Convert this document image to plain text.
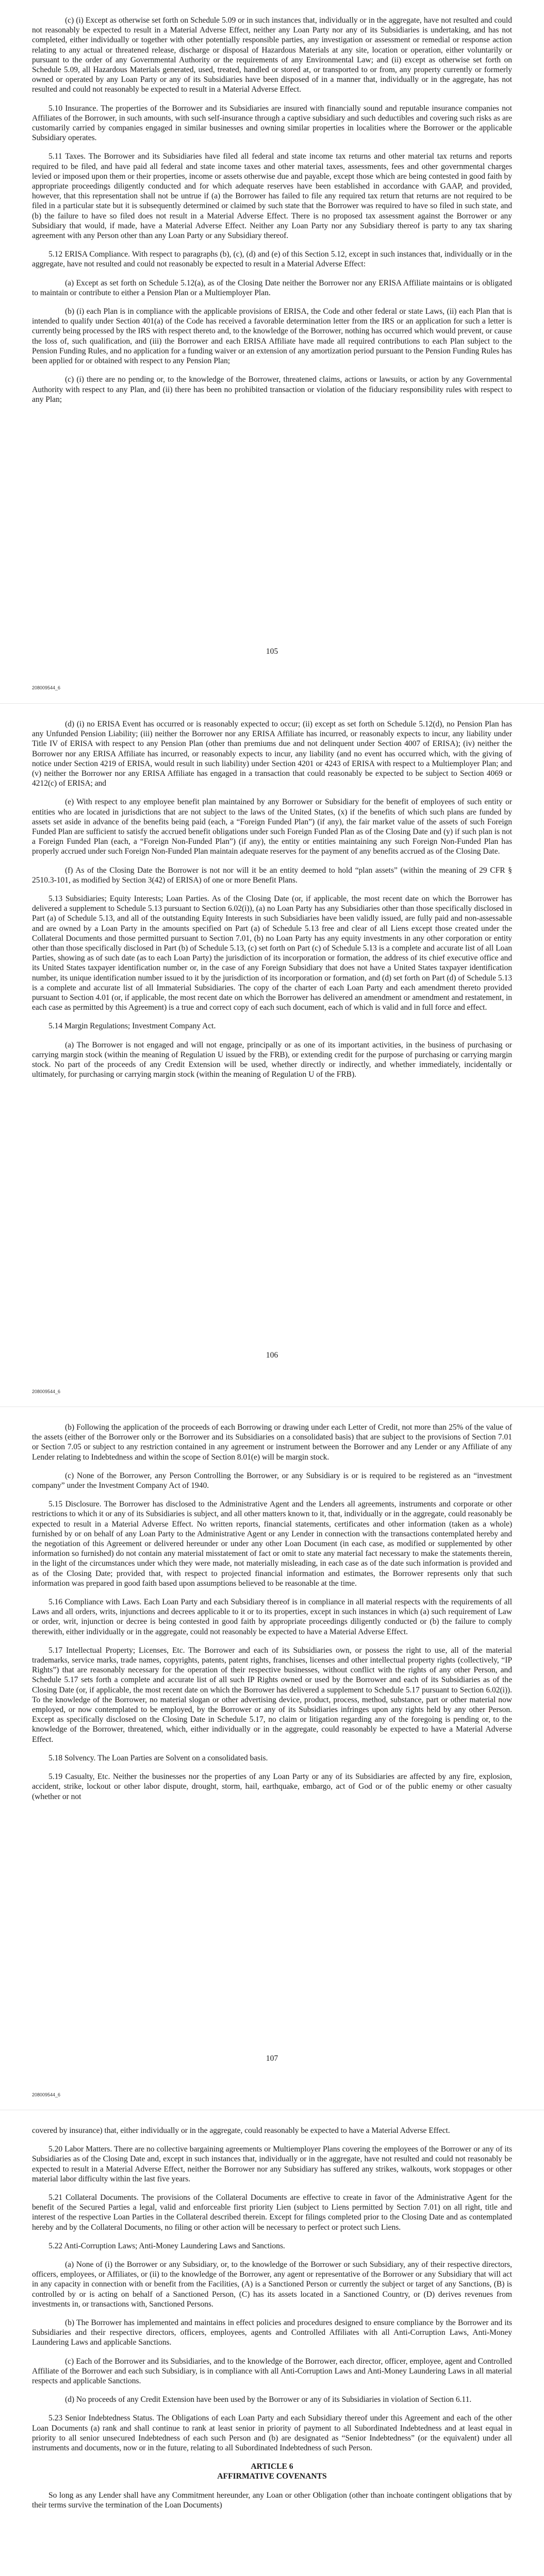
(c) (i) Except as otherwise set forth on Schedule 5.09 or in such instances that, individually or in the aggregate, have not resulted and could not reasonably be expected to result in a Material Adverse Effect, neither any Loan Party nor any of its Subsidiaries is undertaking, and has not completed, either individually or together with other potentially responsible parties, any investigation or assessment or remedial or response action relating to any actual or threatened release, discharge or disposal of Hazardous Materials at any site, location or operation, either voluntarily or pursuant to the order of any Governmental Authority or the requirements of any Environmental Law; and (ii) except as otherwise set forth on Schedule 5.09, all Hazardous Materials generated, used, treated, handled or stored at, or transported to or from, any property currently or formerly owned or operated by any Loan Party or any of its Subsidiaries have been disposed of in a manner that, individually or in the aggregate, has not resulted and could not reasonably be expected to result in a Material Adverse Effect.

5.10 Insurance. The properties of the Borrower and its Subsidiaries are insured with financially sound and reputable insurance companies not Affiliates of the Borrower, in such amounts, with such self-insurance through a captive subsidiary and such deductibles and covering such risks as are customarily carried by companies engaged in similar businesses and owning similar properties in localities where the Borrower or the applicable Subsidiary operates.

5.11 Taxes. The Borrower and its Subsidiaries have filed all federal and state income tax returns and other material tax returns and reports required to be filed, and have paid all federal and state income taxes and other material taxes, assessments, fees and other governmental charges levied or imposed upon them or their properties, income or assets otherwise due and payable, except those which are being contested in good faith by appropriate proceedings diligently conducted and for which adequate reserves have been established in accordance with GAAP, and provided, however, that this representation shall not be untrue if (a) the Borrower has failed to file any required tax return that returns are not required to be filed in a particular state but it is subsequently determined or claimed by such state that the Borrower was required to have so filed in such state, and (b) the failure to have so filed does not result in a Material Adverse Effect. There is no proposed tax assessment against the Borrower or any Subsidiary that would, if made, have a Material Adverse Effect. Neither any Loan Party nor any Subsidiary thereof is party to any tax sharing agreement with any Person other than any Loan Party or any Subsidiary thereof.

5.12 ERISA Compliance. With respect to paragraphs (b), (c), (d) and (e) of this Section 5.12, except in such instances that, individually or in the aggregate, have not resulted and could not reasonably be expected to result in a Material Adverse Effect:

(a) Except as set forth on Schedule 5.12(a), as of the Closing Date neither the Borrower nor any ERISA Affiliate maintains or is obligated to maintain or contribute to either a Pension Plan or a Multiemployer Plan.

(b) (i) each Plan is in compliance with the applicable provisions of ERISA, the Code and other federal or state Laws, (ii) each Plan that is intended to qualify under Section 401(a) of the Code has received a favorable determination letter from the IRS or an application for such a letter is currently being processed by the IRS with respect thereto and, to the knowledge of the Borrower, nothing has occurred which would prevent, or cause the loss of, such qualification, and (iii) the Borrower and each ERISA Affiliate have made all required contributions to each Plan subject to the Pension Funding Rules, and no application for a funding waiver or an extension of any amortization period pursuant to the Pension Funding Rules has been applied for or obtained with respect to any Pension Plan;

(c) (i) there are no pending or, to the knowledge of the Borrower, threatened claims, actions or lawsuits, or action by any Governmental Authority with respect to any Plan, and (ii) there has been no prohibited transaction or violation of the fiduciary responsibility rules with respect to any Plan;

105
208009544_6

(d) (i) no ERISA Event has occurred or is reasonably expected to occur; (ii) except as set forth on Schedule 5.12(d), no Pension Plan has any Unfunded Pension Liability; (iii) neither the Borrower nor any ERISA Affiliate has incurred, or reasonably expects to incur, any liability under Title IV of ERISA with respect to any Pension Plan (other than premiums due and not delinquent under Section 4007 of ERISA); (iv) neither the Borrower nor any ERISA Affiliate has incurred, or reasonably expects to incur, any liability (and no event has occurred which, with the giving of notice under Section 4219 of ERISA, would result in such liability) under Section 4201 or 4243 of ERISA with respect to a Multiemployer Plan; and (v) neither the Borrower nor any ERISA Affiliate has engaged in a transaction that could reasonably be expected to be subject to Section 4069 or 4212(c) of ERISA; and

(e) With respect to any employee benefit plan maintained by any Borrower or Subsidiary for the benefit of employees of such entity or entities who are located in jurisdictions that are not subject to the laws of the United States, (x) if the benefits of which such plans are funded by assets set aside in advance of the benefits being paid (each, a “Foreign Funded Plan”) (if any), the fair market value of the assets of such Foreign Funded Plan are sufficient to satisfy the accrued benefit obligations under such Foreign Funded Plan as of the Closing Date and (y) if such plan is not a Foreign Funded Plan (each, a “Foreign Non-Funded Plan”) (if any), the entity or entities maintaining any such Foreign Non-Funded Plan has properly accrued under such Foreign Non-Funded Plan maintain adequate reserves for the payment of any benefits accrued as of the Closing Date.

(f) As of the Closing Date the Borrower is not nor will it be an entity deemed to hold “plan assets” (within the meaning of 29 CFR § 2510.3-101, as modified by Section 3(42) of ERISA) of one or more Benefit Plans.

5.13 Subsidiaries; Equity Interests; Loan Parties. As of the Closing Date (or, if applicable, the most recent date on which the Borrower has delivered a supplement to Schedule 5.13 pursuant to Section 6.02(i)), (a) no Loan Party has any Subsidiaries other than those specifically disclosed in Part (a) of Schedule 5.13, and all of the outstanding Equity Interests in such Subsidiaries have been validly issued, are fully paid and non-assessable and are owned by a Loan Party in the amounts specified on Part (a) of Schedule 5.13 free and clear of all Liens except those created under the Collateral Documents and those permitted pursuant to Section 7.01, (b) no Loan Party has any equity investments in any other corporation or entity other than those specifically disclosed in Part (b) of Schedule 5.13, (c) set forth on Part (c) of Schedule 5.13 is a complete and accurate list of all Loan Parties, showing as of such date (as to each Loan Party) the jurisdiction of its incorporation or formation, the address of its chief executive office and its United States taxpayer identification number or, in the case of any Foreign Subsidiary that does not have a United States taxpayer identification number, its unique identification number issued to it by the jurisdiction of its incorporation or formation, and (d) set forth on Part (d) of Schedule 5.13 is a complete and accurate list of all Immaterial Subsidiaries. The copy of the charter of each Loan Party and each amendment thereto provided pursuant to Section 4.01 (or, if applicable, the most recent date on which the Borrower has delivered an amendment or amendment and restatement, in each case as permitted by this Agreement) is a true and correct copy of each such document, each of which is valid and in full force and effect.

5.14 Margin Regulations; Investment Company Act.

(a) The Borrower is not engaged and will not engage, principally or as one of its important activities, in the business of purchasing or carrying margin stock (within the meaning of Regulation U issued by the FRB), or extending credit for the purpose of purchasing or carrying margin stock. No part of the proceeds of any Credit Extension will be used, whether directly or indirectly, and whether immediately, incidentally or ultimately, for purchasing or carrying margin stock (within the meaning of Regulation U of the FRB).

106
208009544_6

(b) Following the application of the proceeds of each Borrowing or drawing under each Letter of Credit, not more than 25% of the value of the assets (either of the Borrower only or the Borrower and its Subsidiaries on a consolidated basis) that are subject to the provisions of Section 7.01 or Section 7.05 or subject to any restriction contained in any agreement or instrument between the Borrower and any Lender or any Affiliate of any Lender relating to Indebtedness and within the scope of Section 8.01(e) will be margin stock.

(c) None of the Borrower, any Person Controlling the Borrower, or any Subsidiary is or is required to be registered as an “investment company” under the Investment Company Act of 1940.

5.15 Disclosure. The Borrower has disclosed to the Administrative Agent and the Lenders all agreements, instruments and corporate or other restrictions to which it or any of its Subsidiaries is subject, and all other matters known to it, that, individually or in the aggregate, could reasonably be expected to result in a Material Adverse Effect. No written reports, financial statements, certificates and other information (taken as a whole) furnished by or on behalf of any Loan Party to the Administrative Agent or any Lender in connection with the transactions contemplated hereby and the negotiation of this Agreement or delivered hereunder or under any other Loan Document (in each case, as modified or supplemented by other information so furnished) do not contain any material misstatement of fact or omit to state any material fact necessary to make the statements therein, in the light of the circumstances under which they were made, not materially misleading, in each case as of the date such information is provided and as of the Closing Date; provided that, with respect to projected financial information and estimates, the Borrower represents only that such information was prepared in good faith based upon assumptions believed to be reasonable at the time.

5.16 Compliance with Laws. Each Loan Party and each Subsidiary thereof is in compliance in all material respects with the requirements of all Laws and all orders, writs, injunctions and decrees applicable to it or to its properties, except in such instances in which (a) such requirement of Law or order, writ, injunction or decree is being contested in good faith by appropriate proceedings diligently conducted or (b) the failure to comply therewith, either individually or in the aggregate, could not reasonably be expected to have a Material Adverse Effect.

5.17 Intellectual Property; Licenses, Etc. The Borrower and each of its Subsidiaries own, or possess the right to use, all of the material trademarks, service marks, trade names, copyrights, patents, patent rights, franchises, licenses and other intellectual property rights (collectively, “IP Rights”) that are reasonably necessary for the operation of their respective businesses, without conflict with the rights of any other Person, and Schedule 5.17 sets forth a complete and accurate list of all such IP Rights owned or used by the Borrower and each of its Subsidiaries as of the Closing Date (or, if applicable, the most recent date on which the Borrower has delivered a supplement to Schedule 5.17 pursuant to Section 6.02(i)). To the knowledge of the Borrower, no material slogan or other advertising device, product, process, method, substance, part or other material now employed, or now contemplated to be employed, by the Borrower or any of its Subsidiaries infringes upon any rights held by any other Person. Except as specifically disclosed on the Closing Date in Schedule 5.17, no claim or litigation regarding any of the foregoing is pending or, to the knowledge of the Borrower, threatened, which, either individually or in the aggregate, could reasonably be expected to have a Material Adverse Effect.

5.18 Solvency. The Loan Parties are Solvent on a consolidated basis.

5.19 Casualty, Etc. Neither the businesses nor the properties of any Loan Party or any of its Subsidiaries are affected by any fire, explosion, accident, strike, lockout or other labor dispute, drought, storm, hail, earthquake, embargo, act of God or of the public enemy or other casualty (whether or not

107
208009544_6

covered by insurance) that, either individually or in the aggregate, could reasonably be expected to have a Material Adverse Effect.

5.20 Labor Matters. There are no collective bargaining agreements or Multiemployer Plans covering the employees of the Borrower or any of its Subsidiaries as of the Closing Date and, except in such instances that, individually or in the aggregate, have not resulted and could not reasonably be expected to result in a Material Adverse Effect, neither the Borrower nor any Subsidiary has suffered any strikes, walkouts, work stoppages or other material labor difficulty within the last five years.

5.21 Collateral Documents. The provisions of the Collateral Documents are effective to create in favor of the Administrative Agent for the benefit of the Secured Parties a legal, valid and enforceable first priority Lien (subject to Liens permitted by Section 7.01) on all right, title and interest of the respective Loan Parties in the Collateral described therein. Except for filings completed prior to the Closing Date and as contemplated hereby and by the Collateral Documents, no filing or other action will be necessary to perfect or protect such Liens.

5.22 Anti-Corruption Laws; Anti-Money Laundering Laws and Sanctions.

(a) None of (i) the Borrower or any Subsidiary, or, to the knowledge of the Borrower or such Subsidiary, any of their respective directors, officers, employees, or Affiliates, or (ii) to the knowledge of the Borrower, any agent or representative of the Borrower or any Subsidiary that will act in any capacity in connection with or benefit from the Facilities, (A) is a Sanctioned Person or currently the subject or target of any Sanctions, (B) is controlled by or is acting on behalf of a Sanctioned Person, (C) has its assets located in a Sanctioned Country, or (D) derives revenues from investments in, or transactions with, Sanctioned Persons.

(b) The Borrower has implemented and maintains in effect policies and procedures designed to ensure compliance by the Borrower and its Subsidiaries and their respective directors, officers, employees, agents and Controlled Affiliates with all Anti-Corruption Laws, Anti-Money Laundering Laws and applicable Sanctions.

(c) Each of the Borrower and its Subsidiaries, and to the knowledge of the Borrower, each director, officer, employee, agent and Controlled Affiliate of the Borrower and each such Subsidiary, is in compliance with all Anti-Corruption Laws and Anti-Money Laundering Laws in all material respects and applicable Sanctions.

(d) No proceeds of any Credit Extension have been used by the Borrower or any of its Subsidiaries in violation of Section 6.11.

5.23 Senior Indebtedness Status. The Obligations of each Loan Party and each Subsidiary thereof under this Agreement and each of the other Loan Documents (a) rank and shall continue to rank at least senior in priority of payment to all Subordinated Indebtedness and at least equal in priority to all senior unsecured Indebtedness of each such Person and (b) are designated as “Senior Indebtedness” (or the equivalent) under all instruments and documents, now or in the future, relating to all Subordinated Indebtedness of such Person.

ARTICLE 6
AFFIRMATIVE COVENANTS

So long as any Lender shall have any Commitment hereunder, any Loan or other Obligation (other than inchoate contingent obligations that by their terms survive the termination of the Loan Documents)
